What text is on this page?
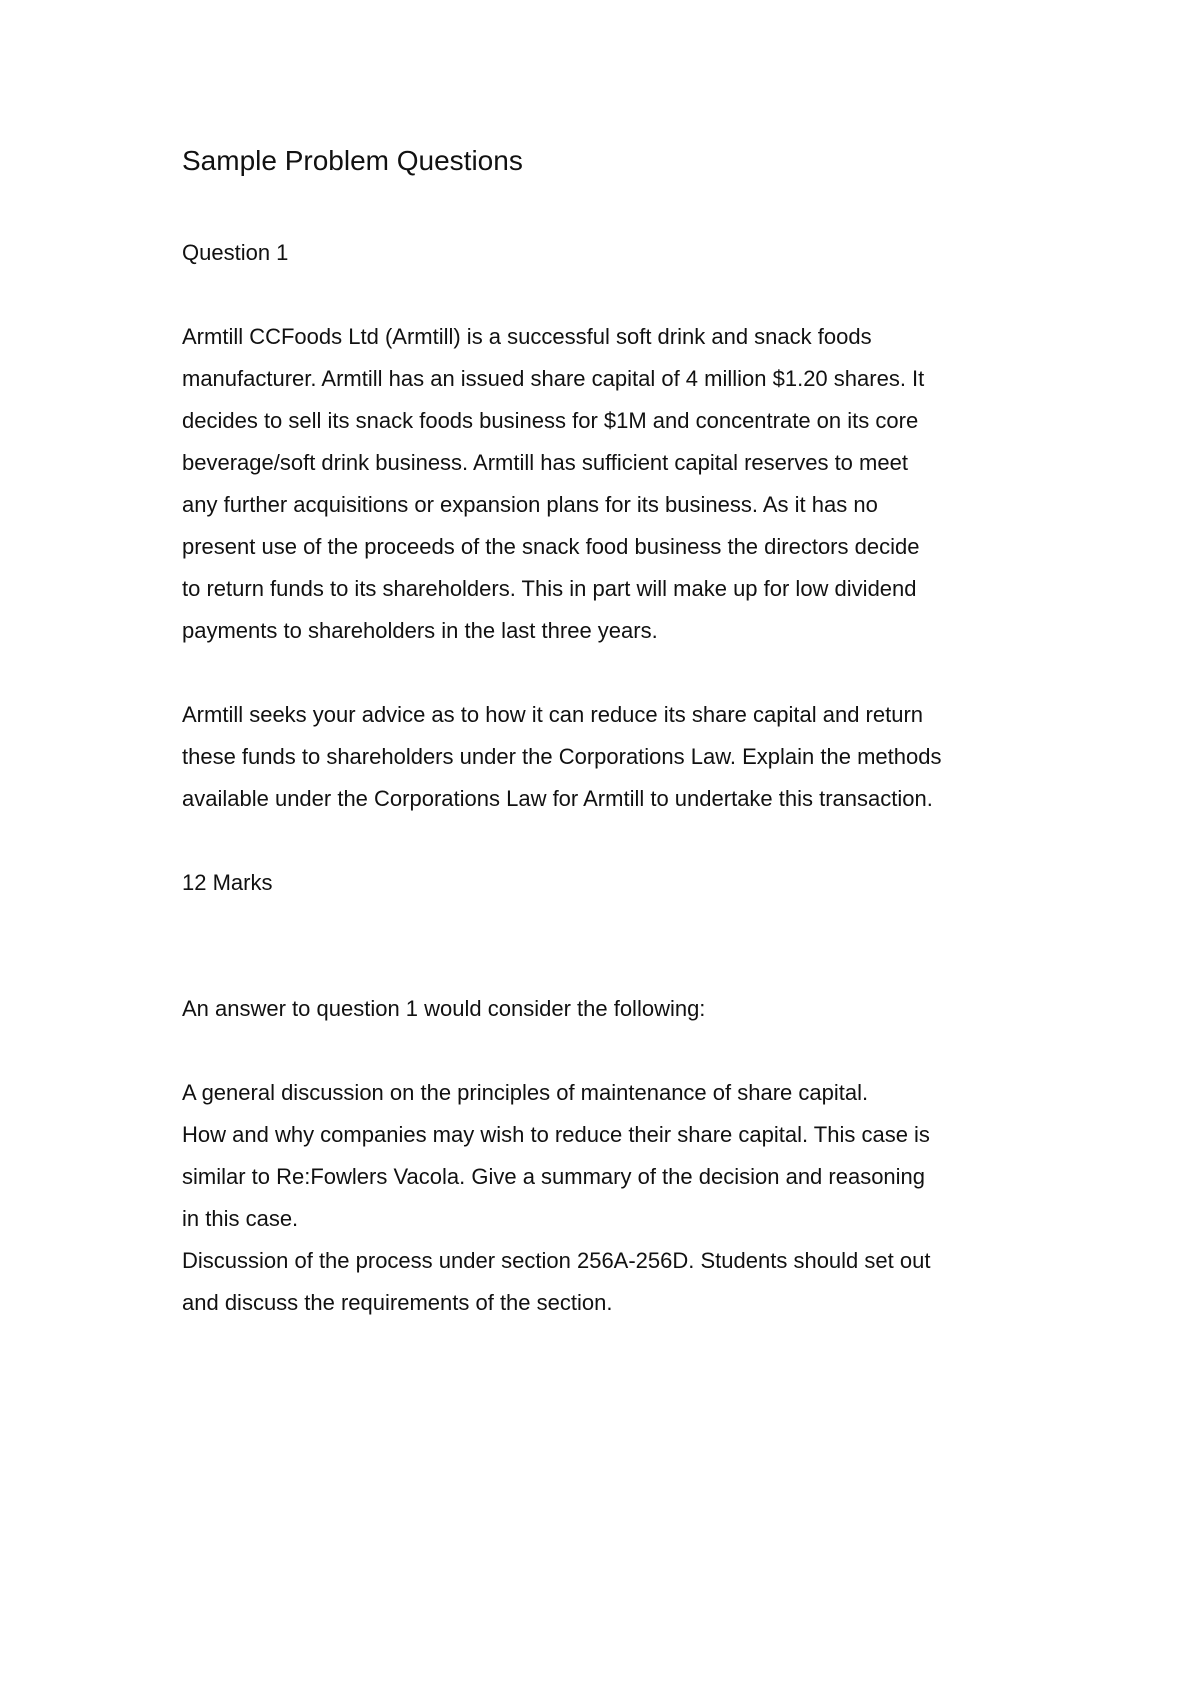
Sample Problem Questions

Question 1

Armtill CCFoods Ltd (Armtill) is a successful soft drink and snack foods
manufacturer. Armtill has an issued share capital of 4 million $1.20 shares. It
decides to sell its snack foods business for $1M and concentrate on its core
beverage/soft drink business. Armtill has sufficient capital reserves to meet
any further acquisitions or expansion plans for its business. As it has no
present use of the proceeds of the snack food business the directors decide
to return funds to its shareholders. This in part will make up for low dividend
payments to shareholders in the last three years.

Armtill seeks your advice as to how it can reduce its share capital and return
these funds to shareholders under the Corporations Law. Explain the methods
available under the Corporations Law for Armtill to undertake this transaction.

12 Marks

An answer to question 1 would consider the following:

A general discussion on the principles of maintenance of share capital.
How and why companies may wish to reduce their share capital. This case is
similar to Re:Fowlers Vacola. Give a summary of the decision and reasoning
in this case.
Discussion of the process under section 256A-256D. Students should set out
and discuss the requirements of the section.
